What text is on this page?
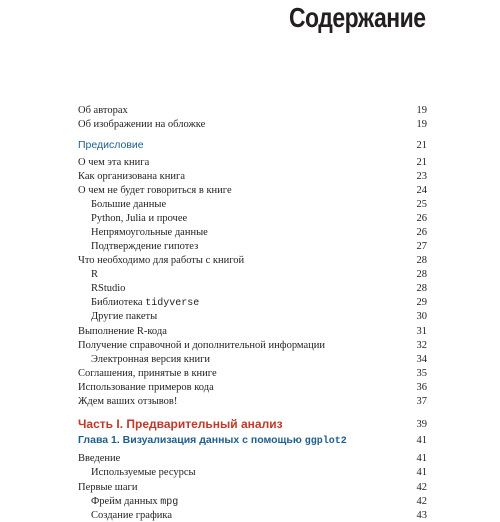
Содержание
Об авторах	19
Об изображении на обложке	19
Предисловие	21
О чем эта книга	21
Как организована книга	23
О чем не будет говориться в книге	24
Большие данные	25
Python, Julia и прочее	26
Непрямоугольные данные	26
Подтверждение гипотез	27
Что необходимо для работы с книгой	28
R	28
RStudio	28
Библиотека tidyverse	29
Другие пакеты	30
Выполнение R-кода	31
Получение справочной и дополнительной информации	32
Электронная версия книги	34
Соглашения, принятые в книге	35
Использование примеров кода	36
Ждем ваших отзывов!	37
Часть I. Предварительный анализ	39
Глава 1. Визуализация данных с помощью ggplot2	41
Введение	41
Используемые ресурсы	41
Первые шаги	42
Фрейм данных mpg	42
Создание графика	43
